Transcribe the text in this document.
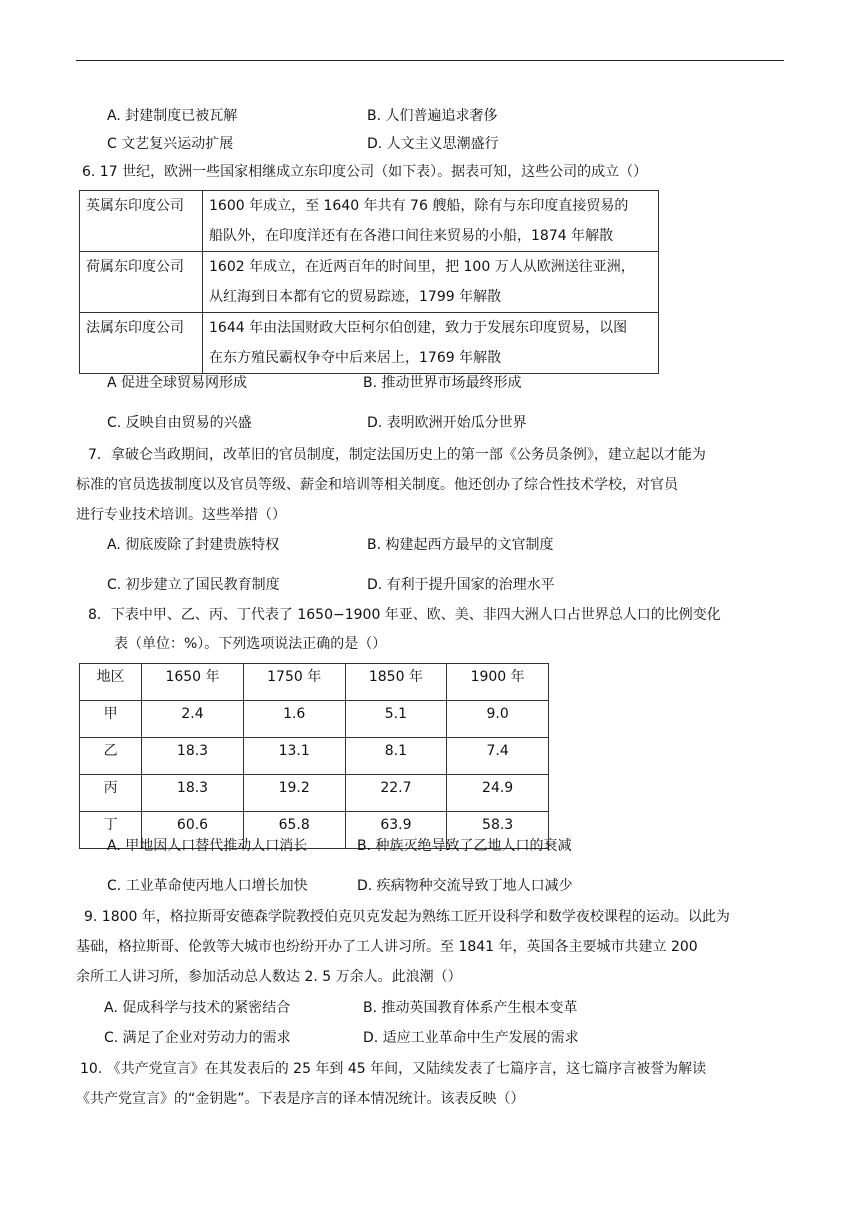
A. 封建制度已被瓦解	B. 人们普遍追求奢侈
C 文艺复兴运动扩展	D. 人文主义思潮盛行
6. 17 世纪，欧洲一些国家相继成立东印度公司（如下表）。据表可知，这些公司的成立（）
英属东印度公司	1600 年成立，至 1640 年共有 76 艘船，除有与东印度直接贸易的
船队外，在印度洋还有在各港口间往来贸易的小船，1874 年解散

荷属东印度公司	1602 年成立，在近两百年的时间里，把 100 万人从欧洲送往亚洲，
从红海到日本都有它的贸易踪迹，1799 年解散

法属东印度公司	1644 年由法国财政大臣柯尔伯创建，致力于发展东印度贸易，以图
在东方殖民霸权争夺中后来居上，1769 年解散
A 促进全球贸易网形成	B. 推动世界市场最终形成
C. 反映自由贸易的兴盛	D. 表明欧洲开始瓜分世界
7．拿破仑当政期间，改革旧的官员制度，制定法国历史上的第一部《公务员条例》，建立起以才能为
标准的官员选拔制度以及官员等级、薪金和培训等相关制度。他还创办了综合性技术学校，对官员
进行专业技术培训。这些举措（）
A. 彻底废除了封建贵族特权	B. 构建起西方最早的文官制度
C. 初步建立了国民教育制度	D. 有利于提升国家的治理水平
8．下表中甲、乙、丙、丁代表了 1650−1900 年亚、欧、美、非四大洲人口占世界总人口的比例变化
表（单位：%）。下列选项说法正确的是（）
地区	1650 年	1750 年	1850 年	1900 年
甲	2.4	1.6	5.1	9.0
乙	18.3	13.1	8.1	7.4
丙	18.3	19.2	22.7	24.9
丁	60.6	65.8	63.9	58.3
A. 甲地因人口替代推动人口消长	B. 种族灭绝导致了乙地人口的衰减
C. 工业革命使丙地人口增长加快	D. 疾病物种交流导致丁地人口减少
9. 1800 年，格拉斯哥安德森学院教授伯克贝克发起为熟练工匠开设科学和数学夜校课程的运动。以此为
基础，格拉斯哥、伦敦等大城市也纷纷开办了工人讲习所。至 1841 年，英国各主要城市共建立 200
余所工人讲习所，参加活动总人数达 2. 5 万余人。此浪潮（）
A. 促成科学与技术的紧密结合	B. 推动英国教育体系产生根本变革
C. 满足了企业对劳动力的需求	D. 适应工业革命中生产发展的需求
10. 《共产党宣言》在其发表后的 25 年到 45 年间，又陆续发表了七篇序言，这七篇序言被誉为解读
《共产党宣言》的“金钥匙”。下表是序言的译本情况统计。该表反映（）
